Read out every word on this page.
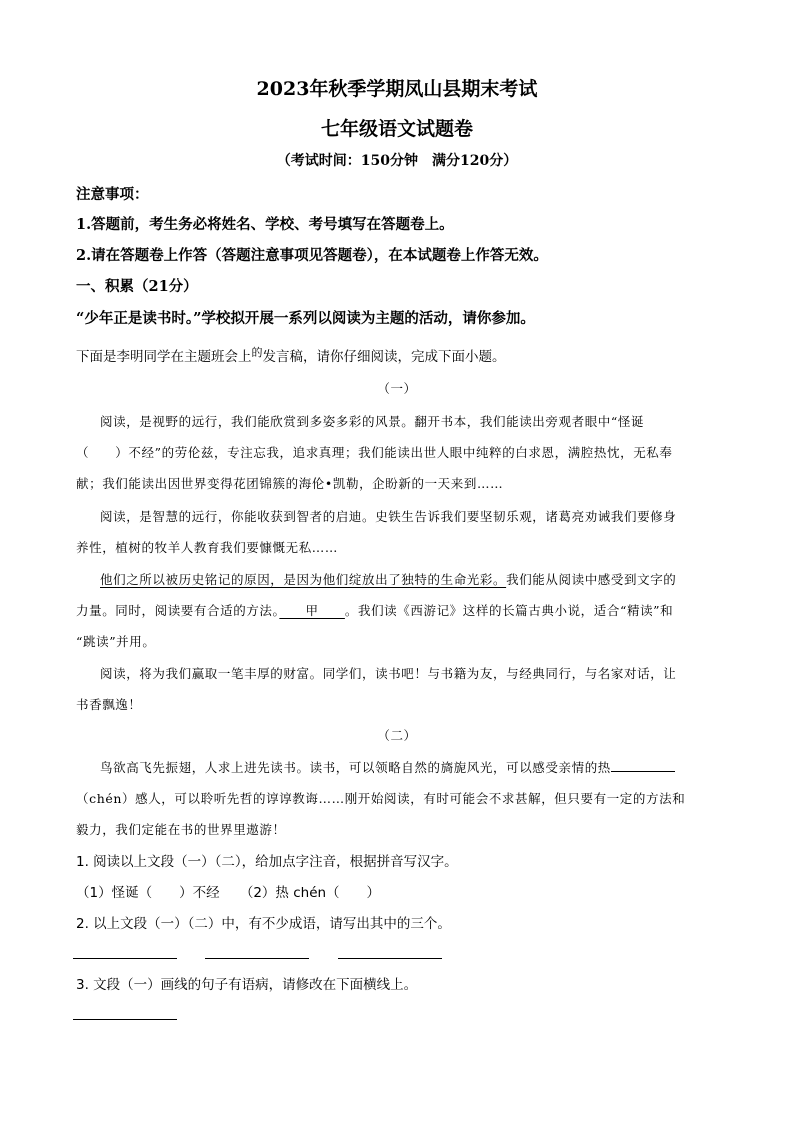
2023年秋季学期凤山县期末考试
七年级语文试题卷
（考试时间：150分钟　满分120分）
注意事项：
1.答题前，考生务必将姓名、学校、考号填写在答题卷上。
2.请在答题卷上作答（答题注意事项见答题卷），在本试题卷上作答无效。
一、积累（21分）
“少年正是读书时。”学校拟开展一系列以阅读为主题的活动，请你参加。
下面是李明同学在主题班会上$^的$发言稿，请你仔细阅读，完成下面小题。
（一）
阅读，是视野的远行，我们能欣赏到多姿多彩的风景。翻开书本，我们能读出旁观者眼中“怪诞
（　　）不经”的劳伦兹，专注忘我，追求真理；我们能读出世人眼中纯粹的白求恩，满腔热忱，无私奉
献；我们能读出因世界变得花团锦簇的海伦•凯勒，企盼新的一天来到……
阅读，是智慧的远行，你能收获到智者的启迪。史铁生告诉我们要坚韧乐观，诸葛亮劝诫我们要修身
养性，植树的牧羊人教育我们要慷慨无私……
他们之所以被历史铭记的原因，是因为他们绽放出了独特的生命光彩。我们能从阅读中感受到文字的
力量。同时，阅读要有合适的方法。　　甲　　。我们读《西游记》这样的长篇古典小说，适合“精读”和
“跳读”并用。
阅读，将为我们赢取一笔丰厚的财富。同学们，读书吧！与书籍为友，与经典同行，与名家对话，让
书香飘逸！
（二）
鸟欲高飞先振翅，人求上进先读书。读书，可以领略自然的旖旎风光，可以感受亲情的热
（chén）感人，可以聆听先哲的谆谆教诲……刚开始阅读，有时可能会不求甚解，但只要有一定的方法和
毅力，我们定能在书的世界里遨游！
1. 阅读以上文段（一）（二），给加点字注音，根据拼音写汉字。
（1）怪诞（　　）不经　　（2）热 chén（　　）
2. 以上文段（一）（二）中，有不少成语，请写出其中的三个。
3. 文段（一）画线的句子有语病，请修改在下面横线上。
